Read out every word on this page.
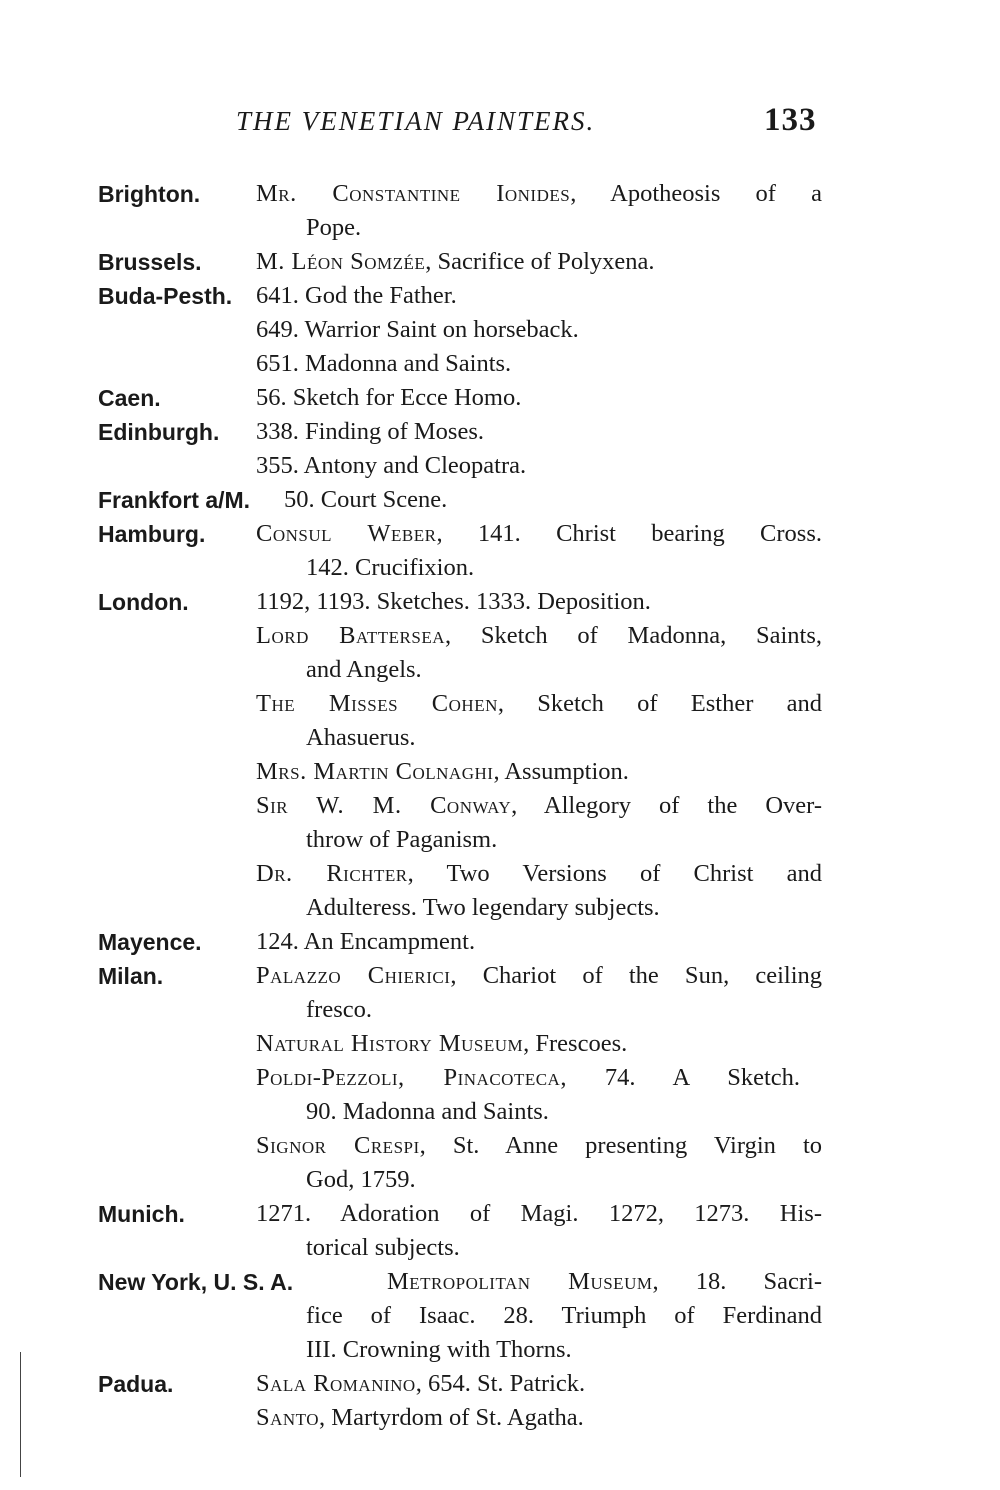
THE VENETIAN PAINTERS.	133
Brighton. Mr. Constantine Ionides, Apotheosis of a
Pope.
Brussels. M. Léon Somzée, Sacrifice of Polyxena.
Buda-Pesth. 641. God the Father.
649. Warrior Saint on horseback.
651. Madonna and Saints.
Caen.	56. Sketch for Ecce Homo.
Edinburgh. 338. Finding of Moses.
355. Antony and Cleopatra.
Frankfort a/M. 50. Court Scene.
Hamburg. Consul Weber, 141. Christ bearing Cross.
142. Crucifixion.
London.	1192, 1193. Sketches. 1333. Deposition.
Lord Battersea, Sketch of Madonna, Saints,
and Angels.
The Misses Cohen, Sketch of Esther and
Ahasuerus.
Mrs. Martin Colnaghi, Assumption.
Sir W. M. Conway, Allegory of the Over-
throw of Paganism.
Dr. Richter, Two Versions of Christ and
Adulteress. Two legendary subjects.
Mayence. 124. An Encampment.
Milan.	Palazzo Chierici, Chariot of the Sun, ceiling
fresco.
Natural History Museum, Frescoes.
Poldi-Pezzoli, Pinacoteca, 74. A Sketch.
90. Madonna and Saints.
Signor Crespi, St. Anne presenting Virgin to
God, 1759.
Munich.	1271. Adoration of Magi. 1272, 1273. His-
torical subjects.
New York, U. S. A.	Metropolitan Museum, 18. Sacri-
fice of Isaac. 28. Triumph of Ferdinand
III. Crowning with Thorns.
Padua.	Sala Romanino, 654. St. Patrick.
Santo, Martyrdom of St. Agatha.
